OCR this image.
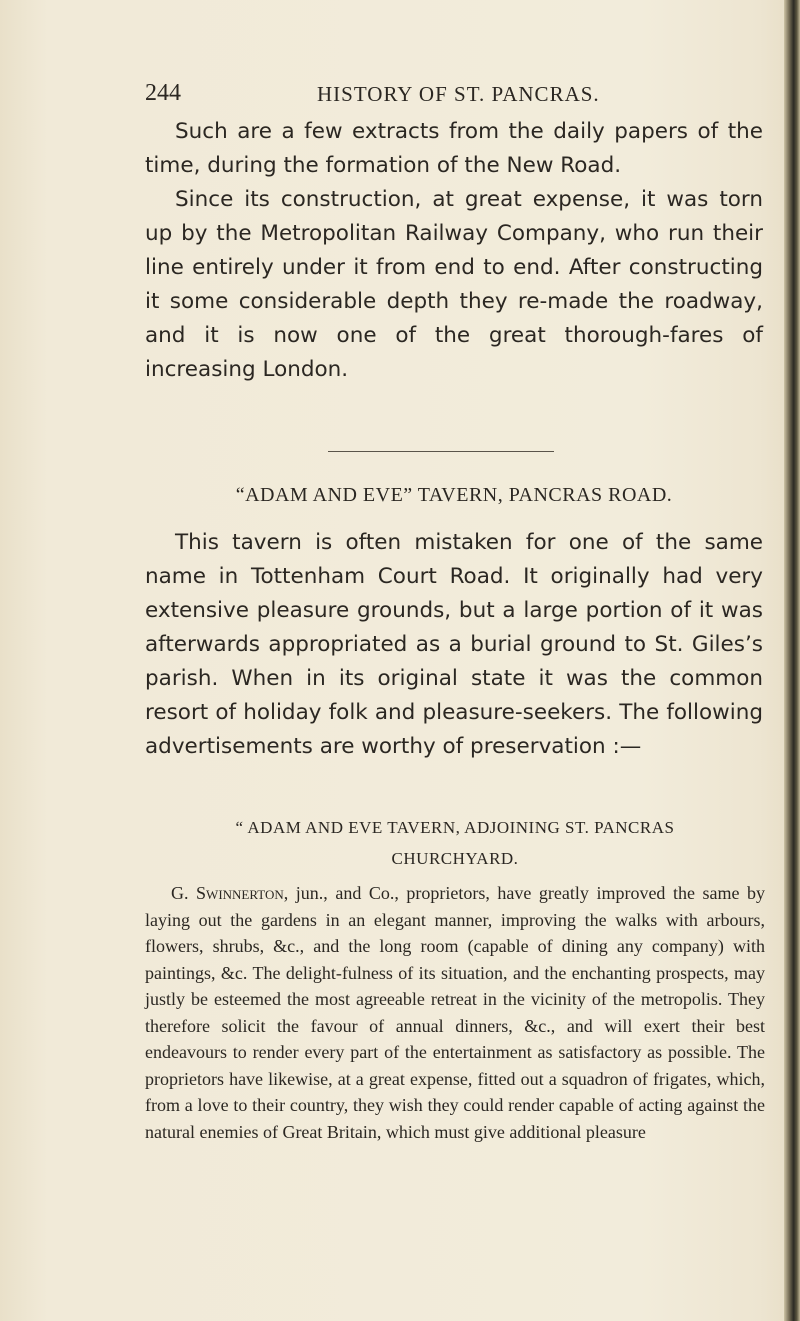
244	HISTORY OF ST. PANCRAS.

Such are a few extracts from the daily papers of the time, during the formation of the New Road.

Since its construction, at great expense, it was torn up by the Metropolitan Railway Company, who run their line entirely under it from end to end. After constructing it some considerable depth they re-made the roadway, and it is now one of the great thorough-fares of increasing London.

“ADAM AND EVE” TAVERN, PANCRAS ROAD.

This tavern is often mistaken for one of the same name in Tottenham Court Road. It originally had very extensive pleasure grounds, but a large portion of it was afterwards appropriated as a burial ground to St. Giles’s parish. When in its original state it was the common resort of holiday folk and pleasure-seekers. The following advertisements are worthy of preservation :—

“ ADAM AND EVE TAVERN, ADJOINING ST. PANCRAS
CHURCHYARD.

G. Swinnerton, jun., and Co., proprietors, have greatly improved the same by laying out the gardens in an elegant manner, improving the walks with arbours, flowers, shrubs, &c., and the long room (capable of dining any company) with paintings, &c. The delight-fulness of its situation, and the enchanting prospects, may justly be esteemed the most agreeable retreat in the vicinity of the metropolis. They therefore solicit the favour of annual dinners, &c., and will exert their best endeavours to render every part of the entertainment as satisfactory as possible. The proprietors have likewise, at a great expense, fitted out a squadron of frigates, which, from a love to their country, they wish they could render capable of acting against the natural enemies of Great Britain, which must give additional pleasure
